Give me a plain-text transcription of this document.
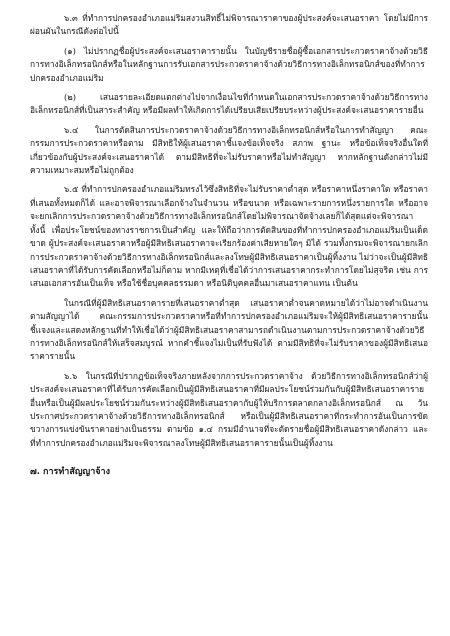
๖.๓ ที่ทำการปกครองอำเภอแม่ริมสงวนสิทธิ์ไม่พิจารณาราคาของผู้ประสงค์จะเสนอราคา โดยไม่มีการผ่อนผันในกรณีดังต่อไปนี้

(๑) ไม่ปรากฏชื่อผู้ประสงค์จะเสนอราคารายนั้น ในบัญชีรายชื่อผู้ซื้อเอกสารประกวดราคาจ้างด้วยวิธีการทางอิเล็กทรอนิกส์หรือในหลักฐานการรับเอกสารประกวดราคาจ้างด้วยวิธีการทางอิเล็กทรอนิกส์ของที่ทำการปกครองอำเภอแม่ริม

(๒) เสนอรายละเอียดแตกต่างไปจากเงื่อนไขที่กำหนดในเอกสารประกวดราคาจ้างด้วยวิธีการทางอิเล็กทรอนิกส์ที่เป็นสาระสำคัญ หรือมีผลทำให้เกิดการได้เปรียบเสียเปรียบระหว่างผู้ประสงค์จะเสนอราคารายอื่น

๖.๔ ในการตัดสินการประกวดราคาจ้างด้วยวิธีการทางอิเล็กทรอนิกส์หรือในการทำสัญญา คณะกรรมการประกวดราคาหรือตาม มีสิทธิให้ผู้เสนอราคาชี้แจงข้อเท็จจริง สภาพ ฐานะ หรือข้อเท็จจริงอื่นใดที่เกี่ยวข้องกับผู้ประสงค์จะเสนอราคาได้ ตามมีสิทธิที่จะไม่รับราคาหรือไม่ทำสัญญา หากหลักฐานดังกล่าวไม่มีความเหมาะสมหรือไม่ถูกต้อง

๖.๕ ที่ทำการปกครองอำเภอแม่ริมทรงไว้ซึ่งสิทธิที่จะไม่รับราคาต่ำสุด หรือราคาหนึ่งราคาใด หรือราคาที่เสนอทั้งหมดก็ได้ และอาจพิจารณาเลือกจ้างในจำนวน หรือขนาด หรือเฉพาะรายการหนึ่งรายการใด หรืออาจจะยกเลิกการประกวดราคาจ้างด้วยวิธีการทางอิเล็กทรอนิกส์โดยไม่พิจารณาจัดจ้างเลยก็ได้สุดแต่จะพิจารณา ทั้งนี้ เพื่อประโยชน์ของทางราชการเป็นสำคัญ และให้ถือว่าการตัดสินของที่ทำการปกครองอำเภอแม่ริมเป็นเด็ดขาด ผู้ประสงค์จะเสนอราคาหรือผู้มีสิทธิเสนอราคาจะเรียกร้องค่าเสียหายใดๆ มิได้ รวมทั้งกรมจะพิจารณายกเลิกการประกวดราคาจ้างด้วยวิธีการทางอิเล็กทรอนิกส์และลงโทษผู้มีสิทธิเสนอราคาเป็นผู้ทิ้งงาน ไม่ว่าจะเป็นผู้มีสิทธิเสนอราคาที่ได้รับการคัดเลือกหรือไม่ก็ตาม หากมีเหตุที่เชื่อได้ว่าการเสนอราคากระทำการโดยไม่สุจริต เช่น การเสนอเอกสารอันเป็นเท็จ หรือใช้ชื่อบุคคลธรรมดา หรือนิติบุคคลอื่นมาเสนอราคาแทน เป็นต้น

ในกรณีที่ผู้มีสิทธิเสนอราคารายที่เสนอราคาต่ำสุด เสนอราคาต่ำจนคาดหมายได้ว่าไม่อาจดำเนินงานตามสัญญาได้ คณะกรรมการประกวดราคาหรือที่ทำการปกครองอำเภอแม่ริมจะให้ผู้มีสิทธิเสนอราคารายนั้นชี้แจงและแสดงหลักฐานที่ทำให้เชื่อได้ว่าผู้มีสิทธิเสนอราคาสามารถดำเนินงานตามการประกวดราคาจ้างด้วยวิธีการทางอิเล็กทรอนิกส์ให้เสร็จสมบูรณ์ หากคำชี้แจงไม่เป็นที่รับฟังได้ ตามมีสิทธิที่จะไม่รับราคาของผู้มีสิทธิเสนอราคารายนั้น

๖.๖ ในกรณีที่ปรากฏข้อเท็จจริงภายหลังจากการประกวดราคาจ้าง ด้วยวิธีการทางอิเล็กทรอนิกส์ว่าผู้ประสงค์จะเสนอราคาที่ได้รับการคัดเลือกเป็นผู้มีสิทธิเสนอราคาที่มีผลประโยชน์ร่วมกันกับผู้มีสิทธิเสนอราคารายอื่นหรือเป็นผู้มีผลประโยชน์ร่วมกันระหว่างผู้มีสิทธิเสนอราคากับผู้ให้บริการตลาดกลางอิเล็กทรอนิกส์ ณ วันประกาศประกวดราคาจ้างด้วยวิธีการทางอิเล็กทรอนิกส์ หรือเป็นผู้มีสิทธิเสนอราคาที่กระทำการอันเป็นการขัดขวางการแข่งขันราคาอย่างเป็นธรรม ตามข้อ ๑.๔ กรมมีอำนาจที่จะตัดรายชื่อผู้มีสิทธิเสนอราคาดังกล่าว และที่ทำการปกครองอำเภอแม่ริมจะพิจารณาลงโทษผู้มีสิทธิเสนอราคารายนั้นเป็นผู้ทิ้งงาน

๗. การทำสัญญาจ้าง
